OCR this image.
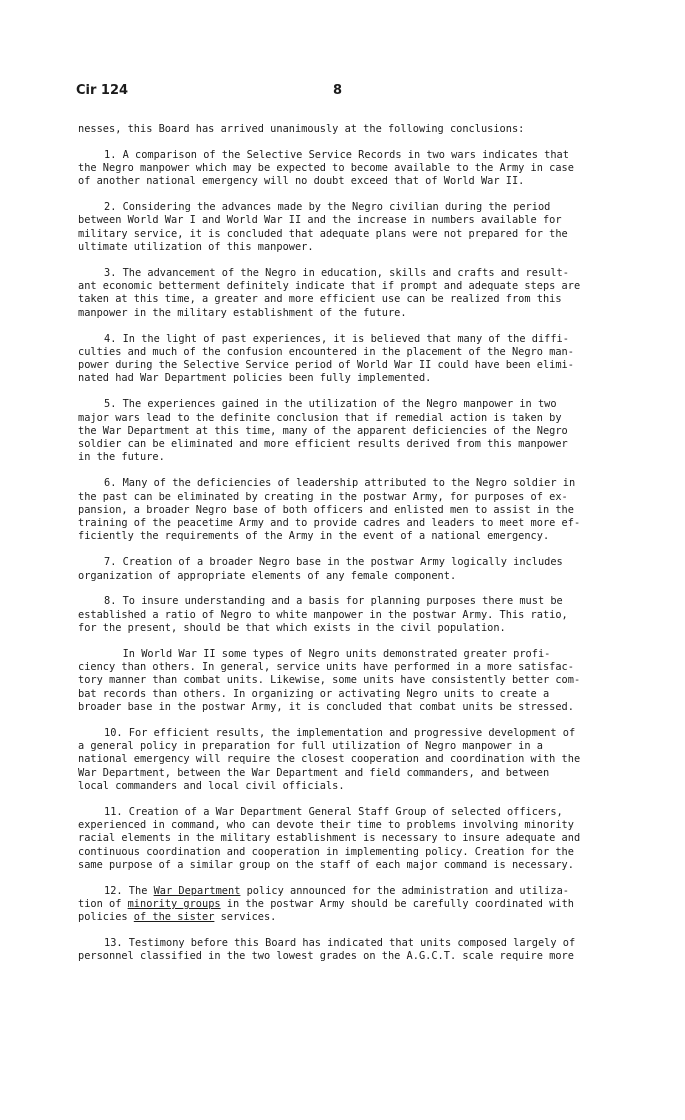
Cir 124	8
nesses, this Board has arrived unanimously at the following conclusions:
1. A comparison of the Selective Service Records in two wars indicates that
the Negro manpower which may be expected to become available to the Army in case
of another national emergency will no doubt exceed that of World War II.
2. Considering the advances made by the Negro civilian during the period
between World War I and World War II and the increase in numbers available for
military service, it is concluded that adequate plans were not prepared for the
ultimate utilization of this manpower.
3. The advancement of the Negro in education, skills and crafts and result-
ant economic betterment definitely indicate that if prompt and adequate steps are
taken at this time, a greater and more efficient use can be realized from this
manpower in the military establishment of the future.
4. In the light of past experiences, it is believed that many of the diffi-
culties and much of the confusion encountered in the placement of the Negro man-
power during the Selective Service period of World War II could have been elimi-
nated had War Department policies been fully implemented.
5. The experiences gained in the utilization of the Negro manpower in two
major wars lead to the definite conclusion that if remedial action is taken by
the War Department at this time, many of the apparent deficiencies of the Negro
soldier can be eliminated and more efficient results derived from this manpower
in the future.
6. Many of the deficiencies of leadership attributed to the Negro soldier in
the past can be eliminated by creating in the postwar Army, for purposes of ex-
pansion, a broader Negro base of both officers and enlisted men to assist in the
training of the peacetime Army and to provide cadres and leaders to meet more ef-
ficiently the requirements of the Army in the event of a national emergency.
7. Creation of a broader Negro base in the postwar Army logically includes
organization of appropriate elements of any female component.
8. To insure understanding and a basis for planning purposes there must be
established a ratio of Negro to white manpower in the postwar Army. This ratio,
for the present, should be that which exists in the civil population.
In World War II some types of Negro units demonstrated greater profi-
ciency than others. In general, service units have performed in a more satisfac-
tory manner than combat units. Likewise, some units have consistently better com-
bat records than others. In organizing or activating Negro units to create a
broader base in the postwar Army, it is concluded that combat units be stressed.
10. For efficient results, the implementation and progressive development of
a general policy in preparation for full utilization of Negro manpower in a
national emergency will require the closest cooperation and coordination with the
War Department, between the War Department and field commanders, and between
local commanders and local civil officials.
11. Creation of a War Department General Staff Group of selected officers,
experienced in command, who can devote their time to problems involving minority
racial elements in the military establishment is necessary to insure adequate and
continuous coordination and cooperation in implementing policy. Creation for the
same purpose of a similar group on the staff of each major command is necessary.
12. The War Department policy announced for the administration and utiliza-
tion of minority groups in the postwar Army should be carefully coordinated with
policies of the sister services.
13. Testimony before this Board has indicated that units composed largely of
personnel classified in the two lowest grades on the A.G.C.T. scale require more
